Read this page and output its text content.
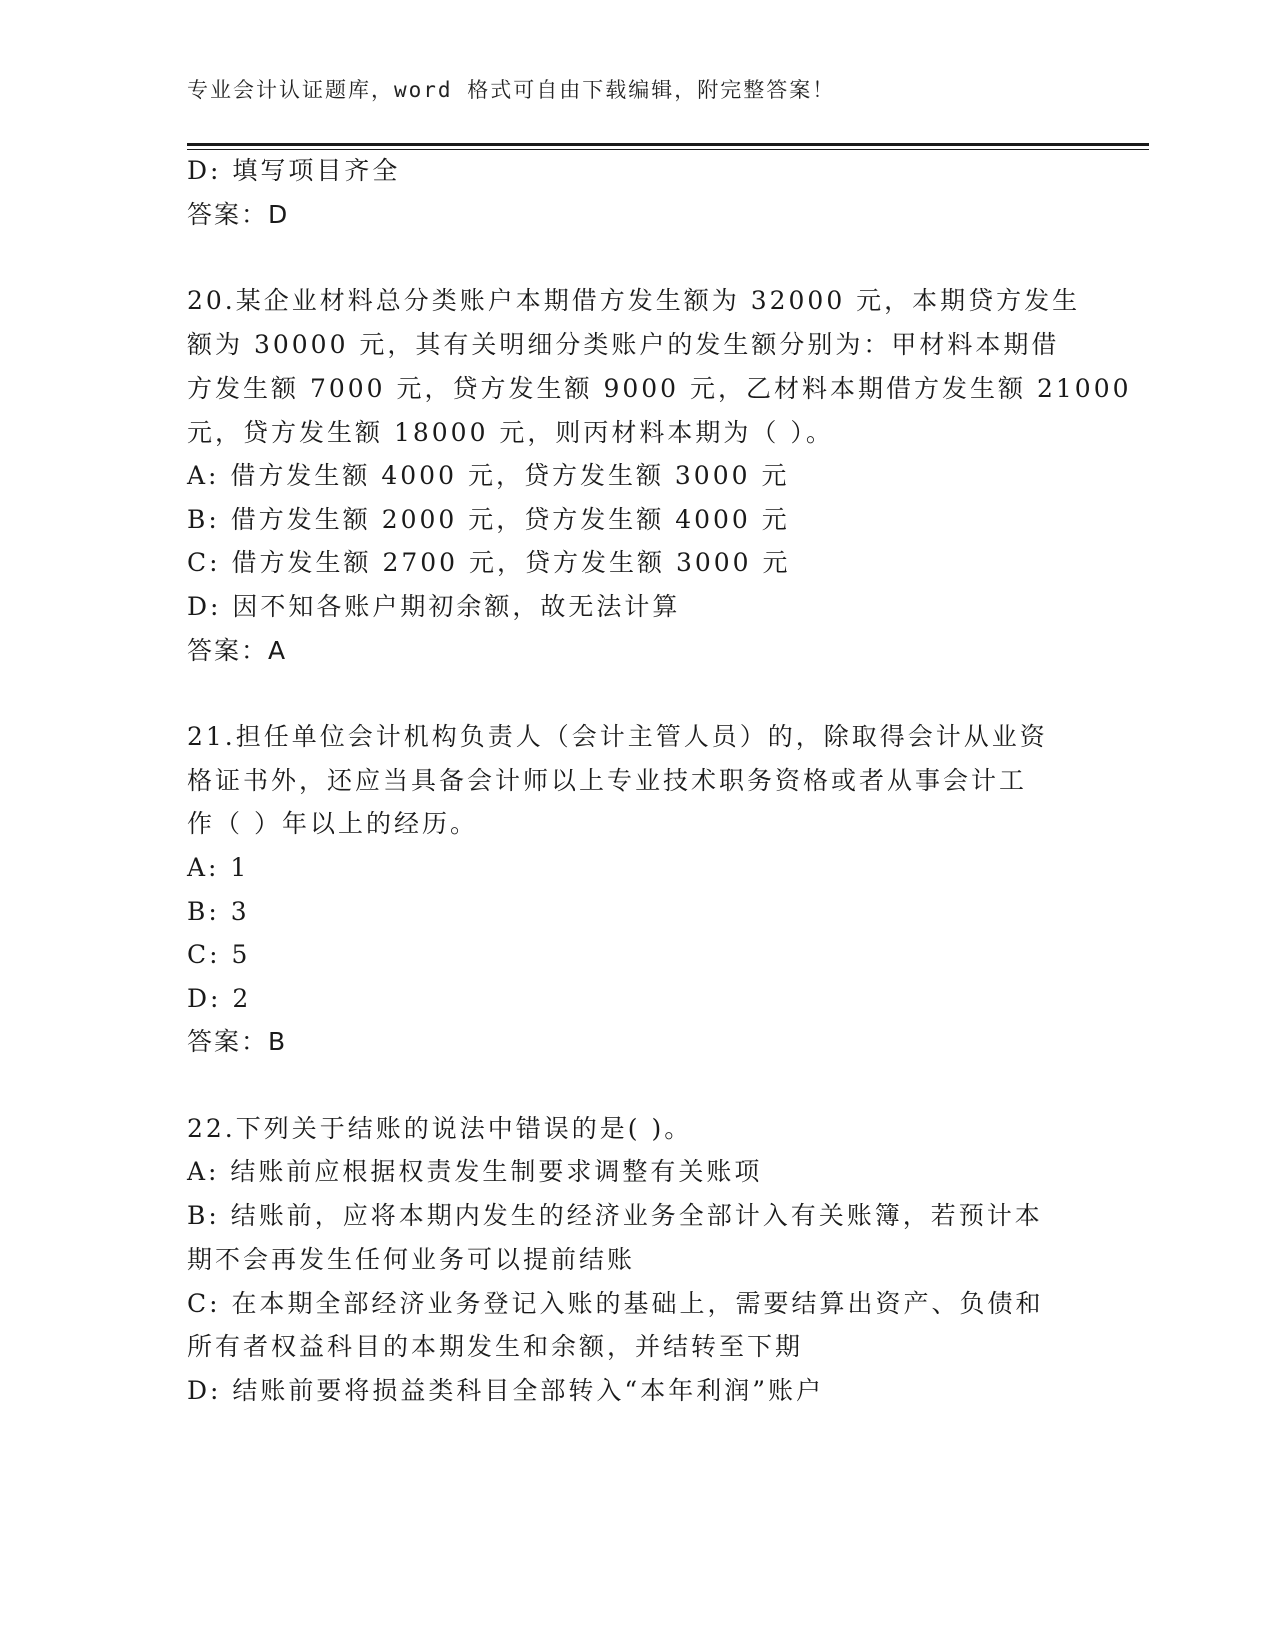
专业会计认证题库，word 格式可自由下载编辑，附完整答案！
D: 填写项目齐全
答案：D
20.某企业材料总分类账户本期借方发生额为 32000 元，本期贷方发生
额为 30000 元，其有关明细分类账户的发生额分别为：甲材料本期借
方发生额 7000 元，贷方发生额 9000 元，乙材料本期借方发生额 21000
元，贷方发生额 18000 元，则丙材料本期为（ ）。
A: 借方发生额 4000 元，贷方发生额 3000 元
B: 借方发生额 2000 元，贷方发生额 4000 元
C: 借方发生额 2700 元，贷方发生额 3000 元
D: 因不知各账户期初余额，故无法计算
答案：A
21.担任单位会计机构负责人（会计主管人员）的，除取得会计从业资
格证书外，还应当具备会计师以上专业技术职务资格或者从事会计工
作（ ）年以上的经历。
A: 1
B: 3
C: 5
D: 2
答案：B
22.下列关于结账的说法中错误的是( )。
A: 结账前应根据权责发生制要求调整有关账项
B: 结账前，应将本期内发生的经济业务全部计入有关账簿，若预计本
期不会再发生任何业务可以提前结账
C: 在本期全部经济业务登记入账的基础上，需要结算出资产、负债和
所有者权益科目的本期发生和余额，并结转至下期
D: 结账前要将损益类科目全部转入“本年利润”账户
